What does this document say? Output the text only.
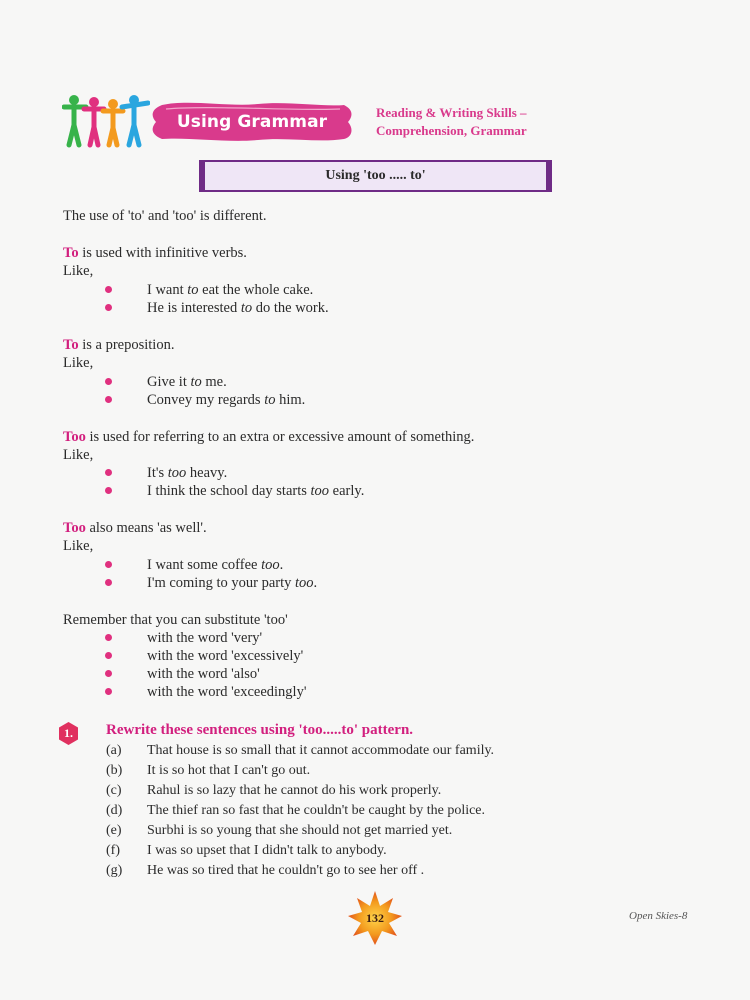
Using Grammar	Reading & Writing Skills –
Comprehension, Grammar
Using 'too ..... to'
The use of 'to' and 'too' is different.
To is used with infinitive verbs.
Like,
I want to eat the whole cake.
He is interested to do the work.
To is a preposition.
Like,
Give it to me.
Convey my regards to him.
Too is used for referring to an extra or excessive amount of something.
Like,
It's too heavy.
I think the school day starts too early.
Too also means 'as well'.
Like,
I want some coffee too.
I'm coming to your party too.
Remember that you can substitute 'too'
with the word 'very'
with the word 'excessively'
with the word 'also'
with the word 'exceedingly'
1.	Rewrite these sentences using 'too.....to' pattern.
(a) That house is so small that it cannot accommodate our family.
(b) It is so hot that I can't go out.
(c) Rahul is so lazy that he cannot do his work properly.
(d) The thief ran so fast that he couldn't be caught by the police.
(e) Surbhi is so young that she should not get married yet.
(f) I was so upset that I didn't talk to anybody.
(g) He was so tired that he couldn't go to see her off .
132	Open Skies-8
